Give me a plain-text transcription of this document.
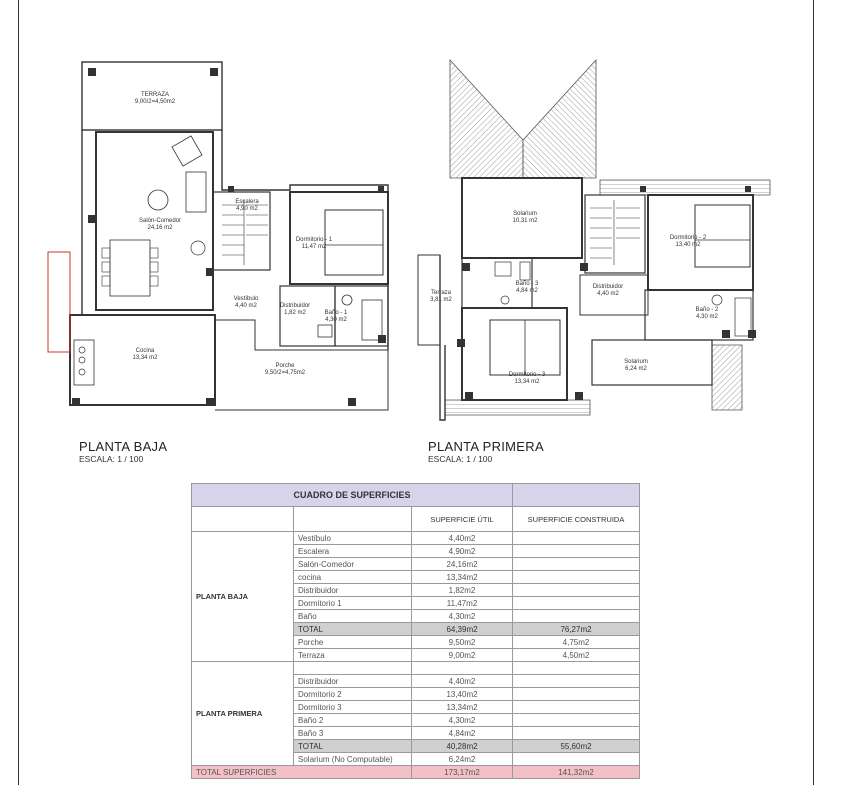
TERRAZA
9,00/2=4,50m2
Salón-Comedor
24,16 m2
Escalera
4,90 m2
Dormitorio - 1
11,47 m2
Vestíbulo
4,40 m2	Distribuidor
1,82 m2	Baño - 1
4,30 m2
Cocina
13,34 m2
Porche
9,50/2=4,75m2
Solarium
10,31 m2
Dormitorio - 2
13,40 m2
Terraza
3,81 m2
Baño - 3
4,84 m2
Distribuidor
4,40 m2
Baño - 2
4,30 m2
Dormitorio - 3
13,34 m2
Solarium
6,24 m2
PLANTA BAJA
ESCALA: 1 / 100
PLANTA PRIMERA
ESCALA: 1 / 100
CUADRO DE SUPERFICIES			
		SUPERFICIE ÚTIL	SUPERFICIE CONSTRUIDA
PLANTA BAJA	Vestíbulo	4,40m2	
	Escalera	4,90m2	
	Salón-Comedor	24,16m2	
	cocina	13,34m2	
	Distribuidor	1,82m2	
	Dormitorio 1	11,47m2	
	Baño	4,30m2	
	TOTAL	64,39m2	76,27m2
	Porche	9,50m2	4,75m2
	Terraza	9,00m2	4,50m2
PLANTA PRIMERA			
	Distribuidor	4,40m2	
	Dormitorio 2	13,40m2	
	Dormitorio 3	13,34m2	
	Baño 2	4,30m2	
	Baño 3	4,84m2	
	TOTAL	40,28m2	55,60m2
	Solarium (No Computable)	6,24m2	
TOTAL SUPERFICIES		173,17m2	141,32m2
